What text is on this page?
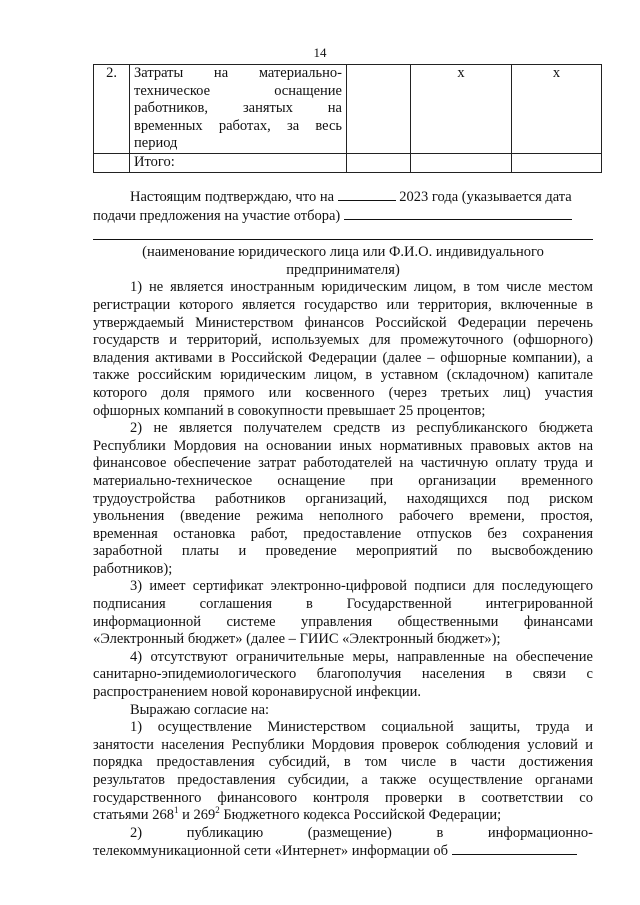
14
2.	Затраты на материально-
техническое оснащение
работников, занятых на
временных работах, за весь
период		х	х
	Итого:			
Настоящим подтверждаю, что на	2023 года (указывается дата
подачи предложения на участие отбора)
(наименование юридического лица или Ф.И.О. индивидуального
предпринимателя)
1) не является иностранным юридическим лицом, в том числе местом
регистрации которого является государство или территория, включенные в
утверждаемый Министерством финансов Российской Федерации перечень
государств и территорий, используемых для промежуточного (офшорного)
владения активами в Российской Федерации (далее – офшорные компании), а
также российским юридическим лицом, в уставном (складочном) капитале
которого доля прямого или косвенного (через третьих лиц) участия
офшорных компаний в совокупности превышает 25 процентов;
2) не является получателем средств из республиканского бюджета
Республики Мордовия на основании иных нормативных правовых актов на
финансовое обеспечение затрат работодателей на частичную оплату труда и
материально-техническое оснащение при организации временного
трудоустройства работников организаций, находящихся под риском
увольнения (введение режима неполного рабочего времени, простоя,
временная остановка работ, предоставление отпусков без сохранения
заработной платы и проведение мероприятий по высвобождению
работников);
3) имеет сертификат электронно-цифровой подписи для последующего
подписания соглашения в Государственной интегрированной
информационной системе управления общественными финансами
«Электронный бюджет» (далее – ГИИС «Электронный бюджет»);
4) отсутствуют ограничительные меры, направленные на обеспечение
санитарно-эпидемиологического благополучия населения в связи с
распространением новой коронавирусной инфекции.
Выражаю согласие на:
1) осуществление Министерством социальной защиты, труда и
занятости населения Республики Мордовия проверок соблюдения условий и
порядка предоставления субсидий, в том числе в части достижения
результатов предоставления субсидии, а также осуществление органами
государственного финансового контроля проверки в соответствии со
статьями $268^1$ и $269^2$ Бюджетного кодекса Российской Федерации;
2) публикацию (размещение) в информационно-
телекоммуникационной сети «Интернет» информации об
